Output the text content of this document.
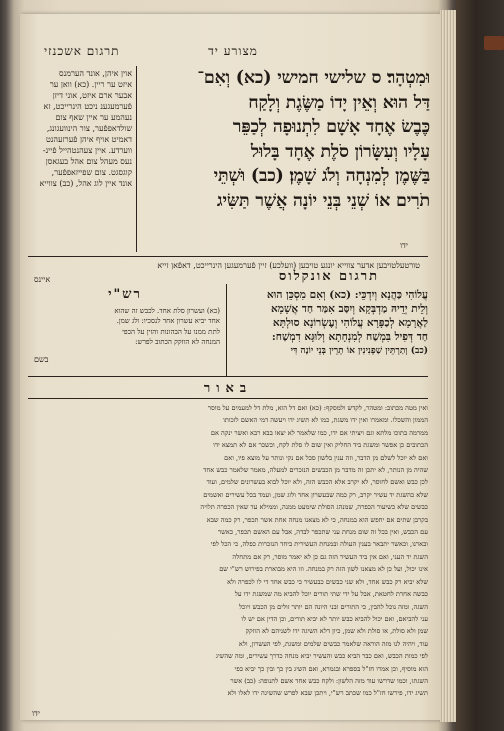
מצורע יד
תרגום אשכנזי
אוין איהן, אונד הערמנס
איזט ער ריין. (כא) וואן ער
אבער ארם איזט, אוני דיזן
פֿערמעגענ ניכט הינרייכט, זא
נעהמע ער איין שאף צום
שולדאפפֿער, צור הינוועגונג,
דאמיט אויף איהן פֿערזעהנט
ווערדע. איין צעהנטהייל פֿיינ-
נעס מעהל צום אהל בעגאסן
קוגסגט. צום שפייזאפפֿער,
אונד איין לוג אהל, (כב) צווייא
טורטעלטויבען אדער צווייא יונגע טויבען (וועלכע) זיין פֿערמעגען הינרייכט, דאפֿאן זייא
איינס
וּמִטְהָר׃ ס שלישי חמישי (כא) וְאִם־
דַּל הוּא וְאֵין יָדוֹ מַשֶּׂגֶת וְלָקַח
כֶּבֶשׂ אֶחָד אָשָׁם לִתְנוּפָה לְכַפֵּר
עָלָיו וְעִשָּׂרוֹן סֹלֶת אֶחָד בָּלוּל
בַּשֶּׁמֶן לְמִנְחָה וְלֹג שָׁמֶן׃ (כב) וּשְׁתֵּי
תֹרִים אוֹ שְׁנֵי בְּנֵי יוֹנָה אֲשֶׁר תַּשִּׂיג
ידו
רש"י
(כא) ועשרון סלת אחד. לכבש זה שהוא
אחד יביא עשרון אחד לנסכיו: ולג שמן.
לתת ממנו על הבהונות והזין על הכפי
המנחה לא הוזקק הכתוב לפרש:
בשם
תרגום אונקלוס
עֲלוֹהִי כַּהֲנָא וְיִדְכֵּי: (כא) וְאִם מִסְכֵּן הוּא
וְלֵית יְדֵיהּ מַדְבְּקָא וְיִסַּב אִמַּר חַד אֲשָׁמָא
לַאֲרָמָא לְכַפָּרָא עֲלוֹהִי וְעֶשְׂרוֹנָא סוּלְתָּא
חַד דְּפִיל בִּמְשַׁח לְמִנְחָתָא וְלוּגָּא דִמְשַׁח:
(כב) וְתַרְתֵּין שַׁפְנִינִין אוֹ תְרֵין בְּנֵי יוֹנָה דִּי
באור
ואין מטה מכתוב: ומטהר, לקדש ולמסקף: (כא) ואם דל הוא, מלת דל למעמים על מוסר
הממון והשכלו. ומאמרו ואין ידו משגת, כמו לא תשיג ידו ויעשה דמי האשם לזכותו
ממרמה בתוכו מלתא וגם ויציתי אם ידו, כמו שלאמר לא יצאו בבא רבא ואשר ינקה אם
הכתובים כן אפשר ומשגת ביד החליק ואין שום לו סלת לקח, וכשכר אם לא תמצא ידו
ואם לא יוכל לשלם מן הדבר, וזה ענין בלשון סכל אם נקי ונותר על מוצא פיו, ואם
שהיה מן הנותר, לא יתכן זה מדבר מן הכבשים הנזכרים למעלה, מאמר שלאמר כבש אחד
לכן כבש ואשם לחוסר, לא יקרב אלא הכבש הזה, ולא יוכל לבוא בעשרונים שלמים, ועוד
שלא כהשגת יד עשיר יקרב, רק כמה שבעשרון אחד ולוג שמן, ועמד בכל עשירים ואשמים
כבשים שלא כשיעור הכפרה, שמנהג הסולת שימעט ממנה, וממילא עד שאין הכפרה תלויה
בקרבן שתים אם יחפש הוא במנחה, כי לא מצאנו מנחה אחת אשר תכפר, רק כמה שבא
עם הכבש, ואין בכל זה שום מנחת עני שתכפר לבדה, אבל עם האשם תכפר, כאשר
ובארנו, וכאשר יתבאר בענין העולה ובמנחת העשירית ביחד הנזכרות כפלה, כי הכל לפי
השגת יד העני, ואם אין ביד העשיר הזה גם כן לא יאמר מוסר, רק אם מתחלה
אינו יכול, ועל כן לא מצאנו לשון הזה רק במנחה. וזו היא מבוארת בפירוש רש"י שם
שלא יביא רק כבש אחד, ולא שני כבשים כבעשיר כי כבש אחד די לו לכפרה ולא
כבשה אחרת לחטאת, אבל על ידי שתי תורים יוכל להביא מה שמשגת ידו על
השגה, ומזה נוכל להבין, כי התורים ובני היונה הם יותר זולים מן הכבש ויוכל
עני להביאם, ואם יכול להביא כבש יותר לא יביא תורים, וכן הדין אם יש לו
שמן ולא סולת, או סולת ולא שמן, כיון דלא השיגה ידו לשניהם לא הוזקק
עוד, ויהיה לנו מזה הוראה שלאמר כבשים שלמים ומשגת, לפי העשרון, ולא
לפי כמות הכבש, ואם כבר הביא כבש והעשיר יביא מנחה כדרך עשירים, ומה שהשיג
הוא מוסיף, וכן אמרו חז"ל בספרא ובגמרא, ואם השיג בין כך ובין כך יביא כפי
השגתו, וכמו שדרשו עוד מזה הלשון: ולקח כבש אחד אשם לתנופה: (כב) אשר
תשיג ידו, פירשו חז"ל כמו שכתב רש"י, ויתכן שבא לפרש שהשיגה ידו לאלו ולא
ידו
